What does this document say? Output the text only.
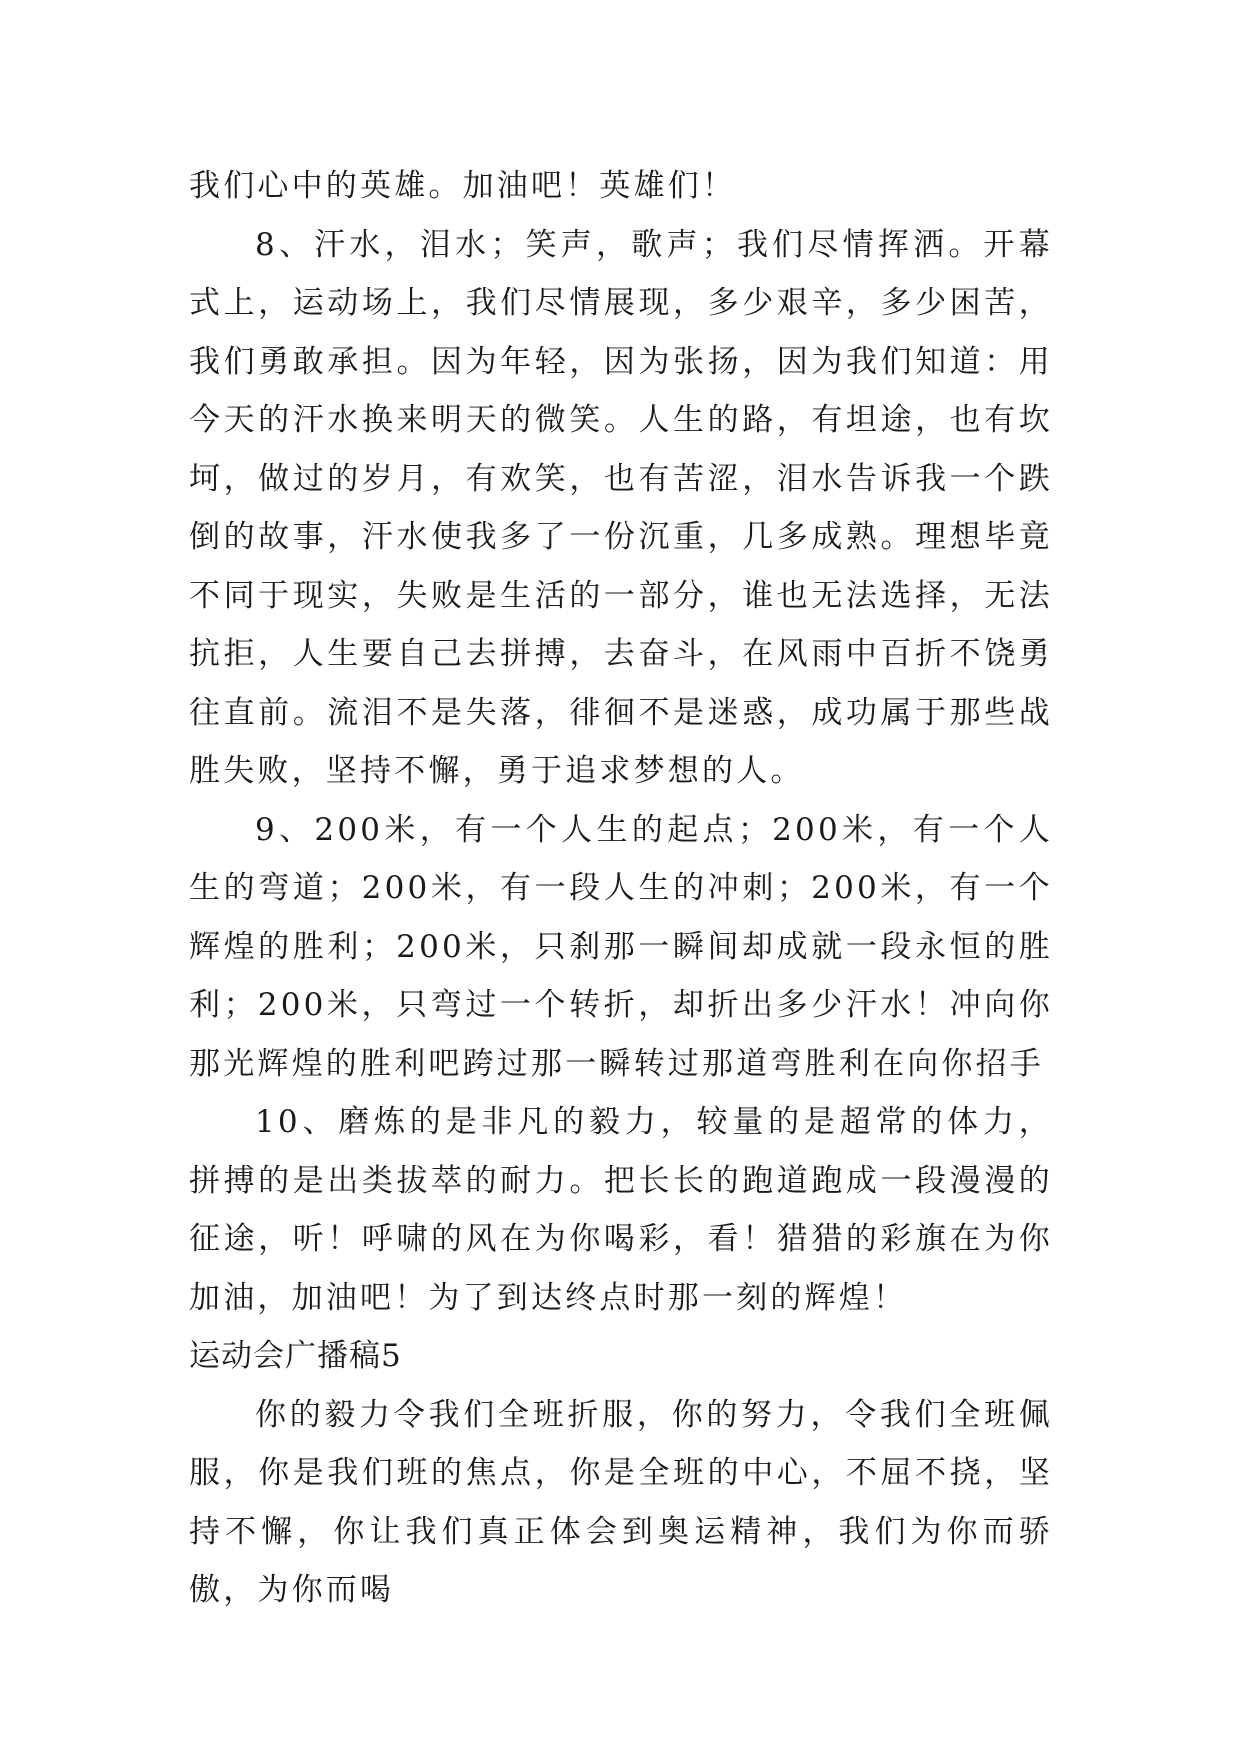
我们心中的英雄。加油吧！英雄们！

8、汗水，泪水；笑声，歌声；我们尽情挥洒。开幕式上，运动场上，我们尽情展现，多少艰辛，多少困苦，我们勇敢承担。因为年轻，因为张扬，因为我们知道：用今天的汗水换来明天的微笑。人生的路，有坦途，也有坎坷，做过的岁月，有欢笑，也有苦涩，泪水告诉我一个跌倒的故事，汗水使我多了一份沉重，几多成熟。理想毕竟不同于现实，失败是生活的一部分，谁也无法选择，无法抗拒，人生要自己去拼搏，去奋斗，在风雨中百折不饶勇往直前。流泪不是失落，徘徊不是迷惑，成功属于那些战胜失败，坚持不懈，勇于追求梦想的人。

9、200米，有一个人生的起点；200米，有一个人生的弯道；200米，有一段人生的冲刺；200米，有一个辉煌的胜利；200米，只刹那一瞬间却成就一段永恒的胜利；200米，只弯过一个转折，却折出多少汗水！冲向你那光辉煌的胜利吧跨过那一瞬转过那道弯胜利在向你招手

10、磨炼的是非凡的毅力，较量的是超常的体力，拼搏的是出类拔萃的耐力。把长长的跑道跑成一段漫漫的征途，听！呼啸的风在为你喝彩，看！猎猎的彩旗在为你加油，加油吧！为了到达终点时那一刻的辉煌！

运动会广播稿5

你的毅力令我们全班折服，你的努力，令我们全班佩服，你是我们班的焦点，你是全班的中心，不屈不挠，坚持不懈，你让我们真正体会到奥运精神，我们为你而骄傲，为你而喝
